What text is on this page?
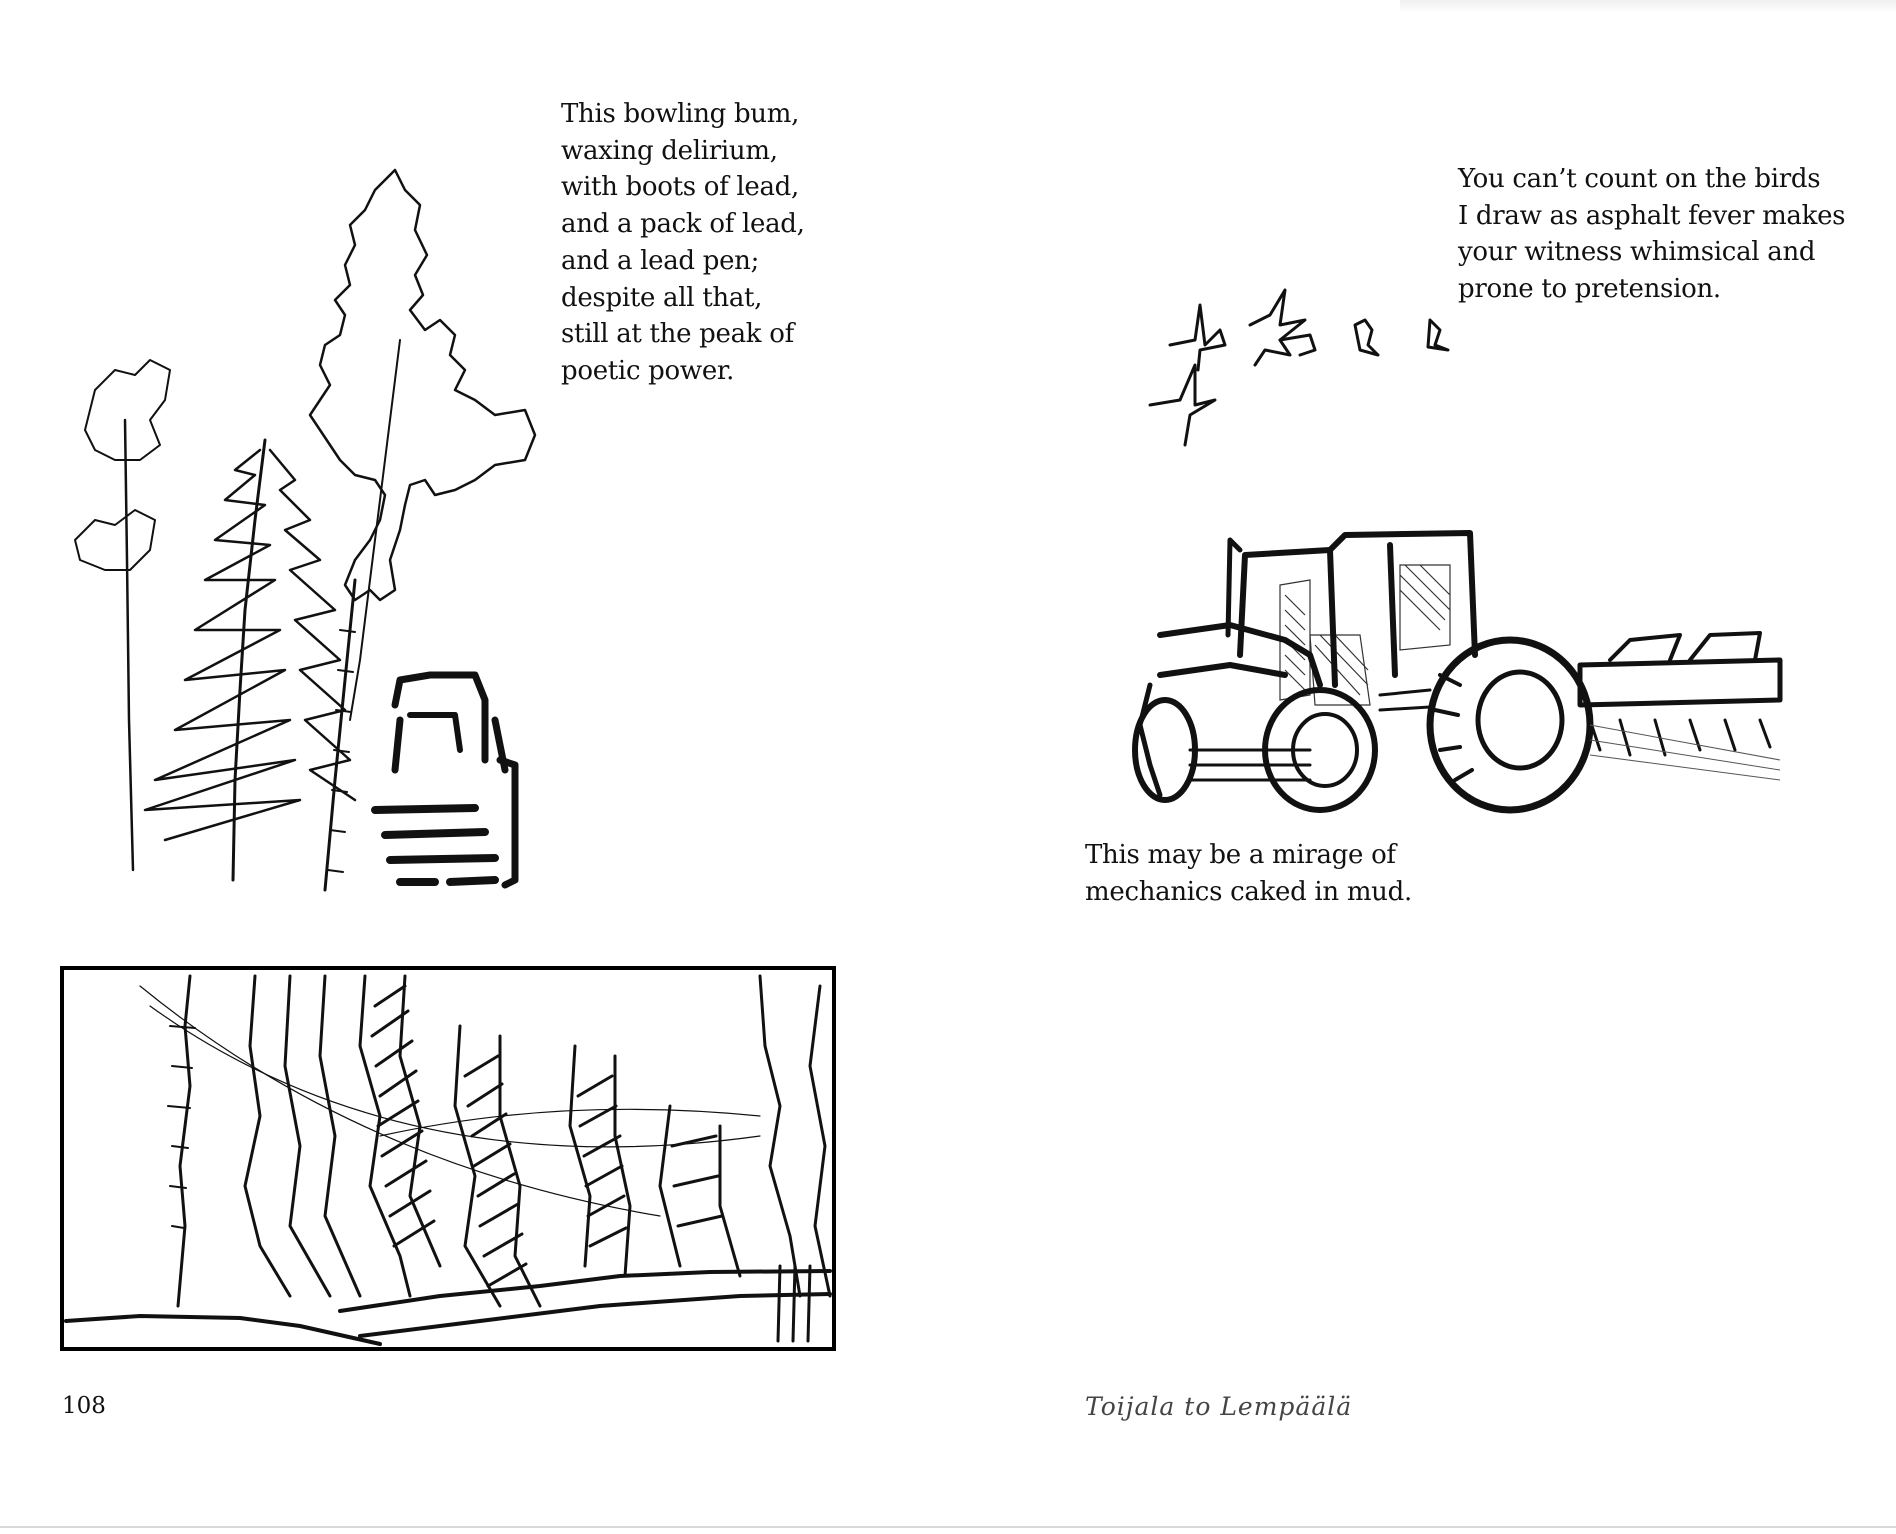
This bowling bum,
waxing delirium,
with boots of lead,
and a pack of lead,
and a lead pen;
despite all that,
still at the peak of
poetic power.
108
You can’t count on the birds
I draw as asphalt fever makes
your witness whimsical and
prone to pretension.
This may be a mirage of
mechanics caked in mud.
Toijala to Lempäälä
